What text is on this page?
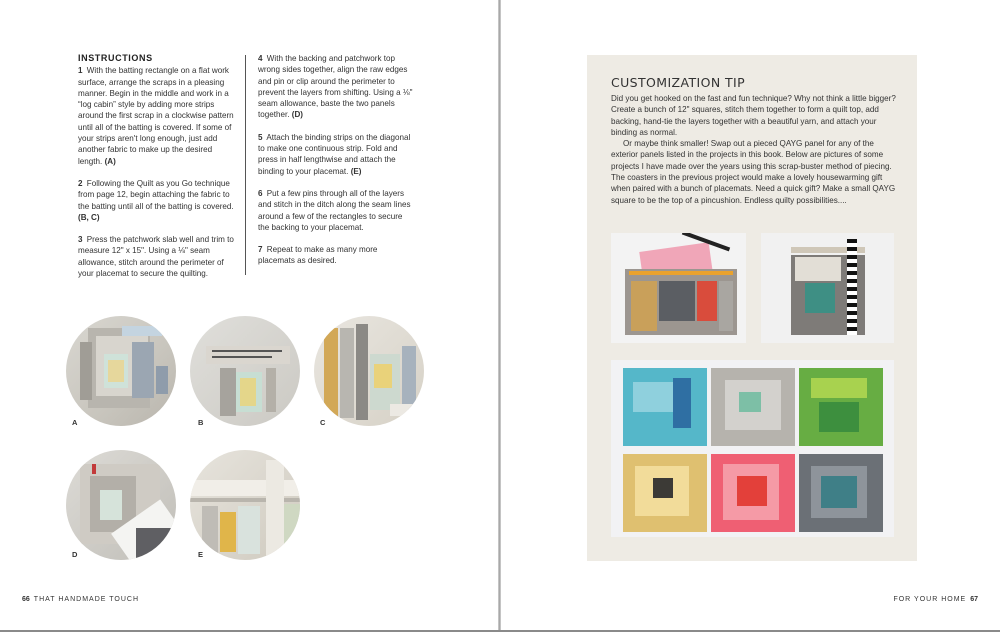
INSTRUCTIONS
1 With the batting rectangle on a flat work surface, arrange the scraps in a pleasing manner. Begin in the middle and work in a “log cabin” style by adding more strips around the first scrap in a clockwise pattern until all of the batting is covered. If some of your strips aren't long enough, just add another fabric to make up the desired length. (A)
2 Following the Quilt as you Go technique from page 12, begin attaching the fabric to the batting until all of the batting is covered. (B, C)
3 Press the patchwork slab well and trim to measure 12" x 15". Using a ⅛" seam allowance, stitch around the perimeter of your placemat to secure the quilting.
4 With the backing and patchwork top wrong sides together, align the raw edges and pin or clip around the perimeter to prevent the layers from shifting. Using a ⅛" seam allowance, baste the two panels together. (D)
5 Attach the binding strips on the diagonal to make one continuous strip. Fold and press in half lengthwise and attach the binding to your placemat. (E)
6 Put a few pins through all of the layers and stitch in the ditch along the seam lines around a few of the rectangles to secure the backing to your placemat.
7 Repeat to make as many more placemats as desired.
A	B	C
D	E
66 THAT HANDMADE TOUCH	FOR YOUR HOME 67
CUSTOMIZATION TIP

Did you get hooked on the fast and fun technique? Why not think a little bigger? Create a bunch of 12" squares, stitch them together to form a quilt top, add backing, hand-tie the layers together with a beautiful yarn, and attach your binding as normal.

Or maybe think smaller! Swap out a pieced QAYG panel for any of the exterior panels listed in the projects in this book. Below are pictures of some projects I have made over the years using this scrap-buster method of piecing. The coasters in the previous project would make a lovely housewarming gift when paired with a bunch of placemats. Need a quick gift? Make a small QAYG square to be the top of a pincushion. Endless quilty possibilities....
